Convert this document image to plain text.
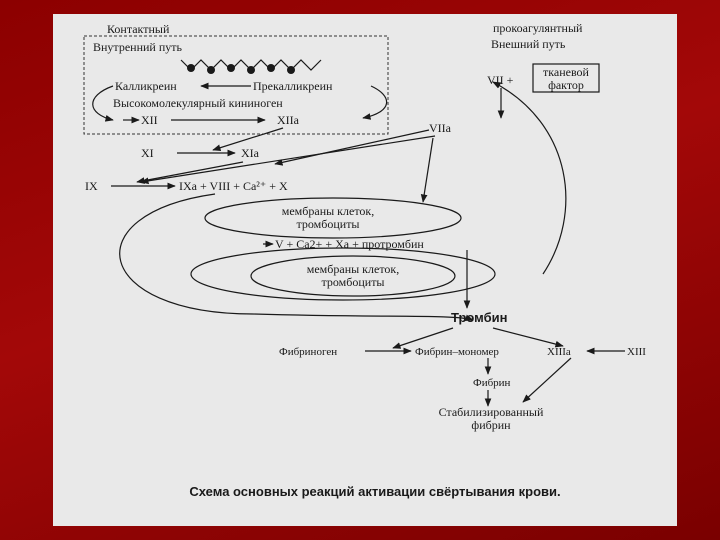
Контактный	прокоагулянтный
Внутренний путь	Внешний путь
Калликреин	Прекалликреин
Высокомолекулярный кининоген
XII	XIIa
VII +
тканевой
фактор
VIIa
XI	XIa
IX	IXa + VIII + Ca²⁺ + X
мембраны клеток,
тромбоциты
V + Ca2+ + Xa + протромбин
мембраны клеток,
тромбоциты
Тромбин
Фибриноген	Фибрин–мономер	XIIIa	XIII
Фибрин
Стабилизированный
фибрин
Схема основных реакций активации свёртывания крови.
